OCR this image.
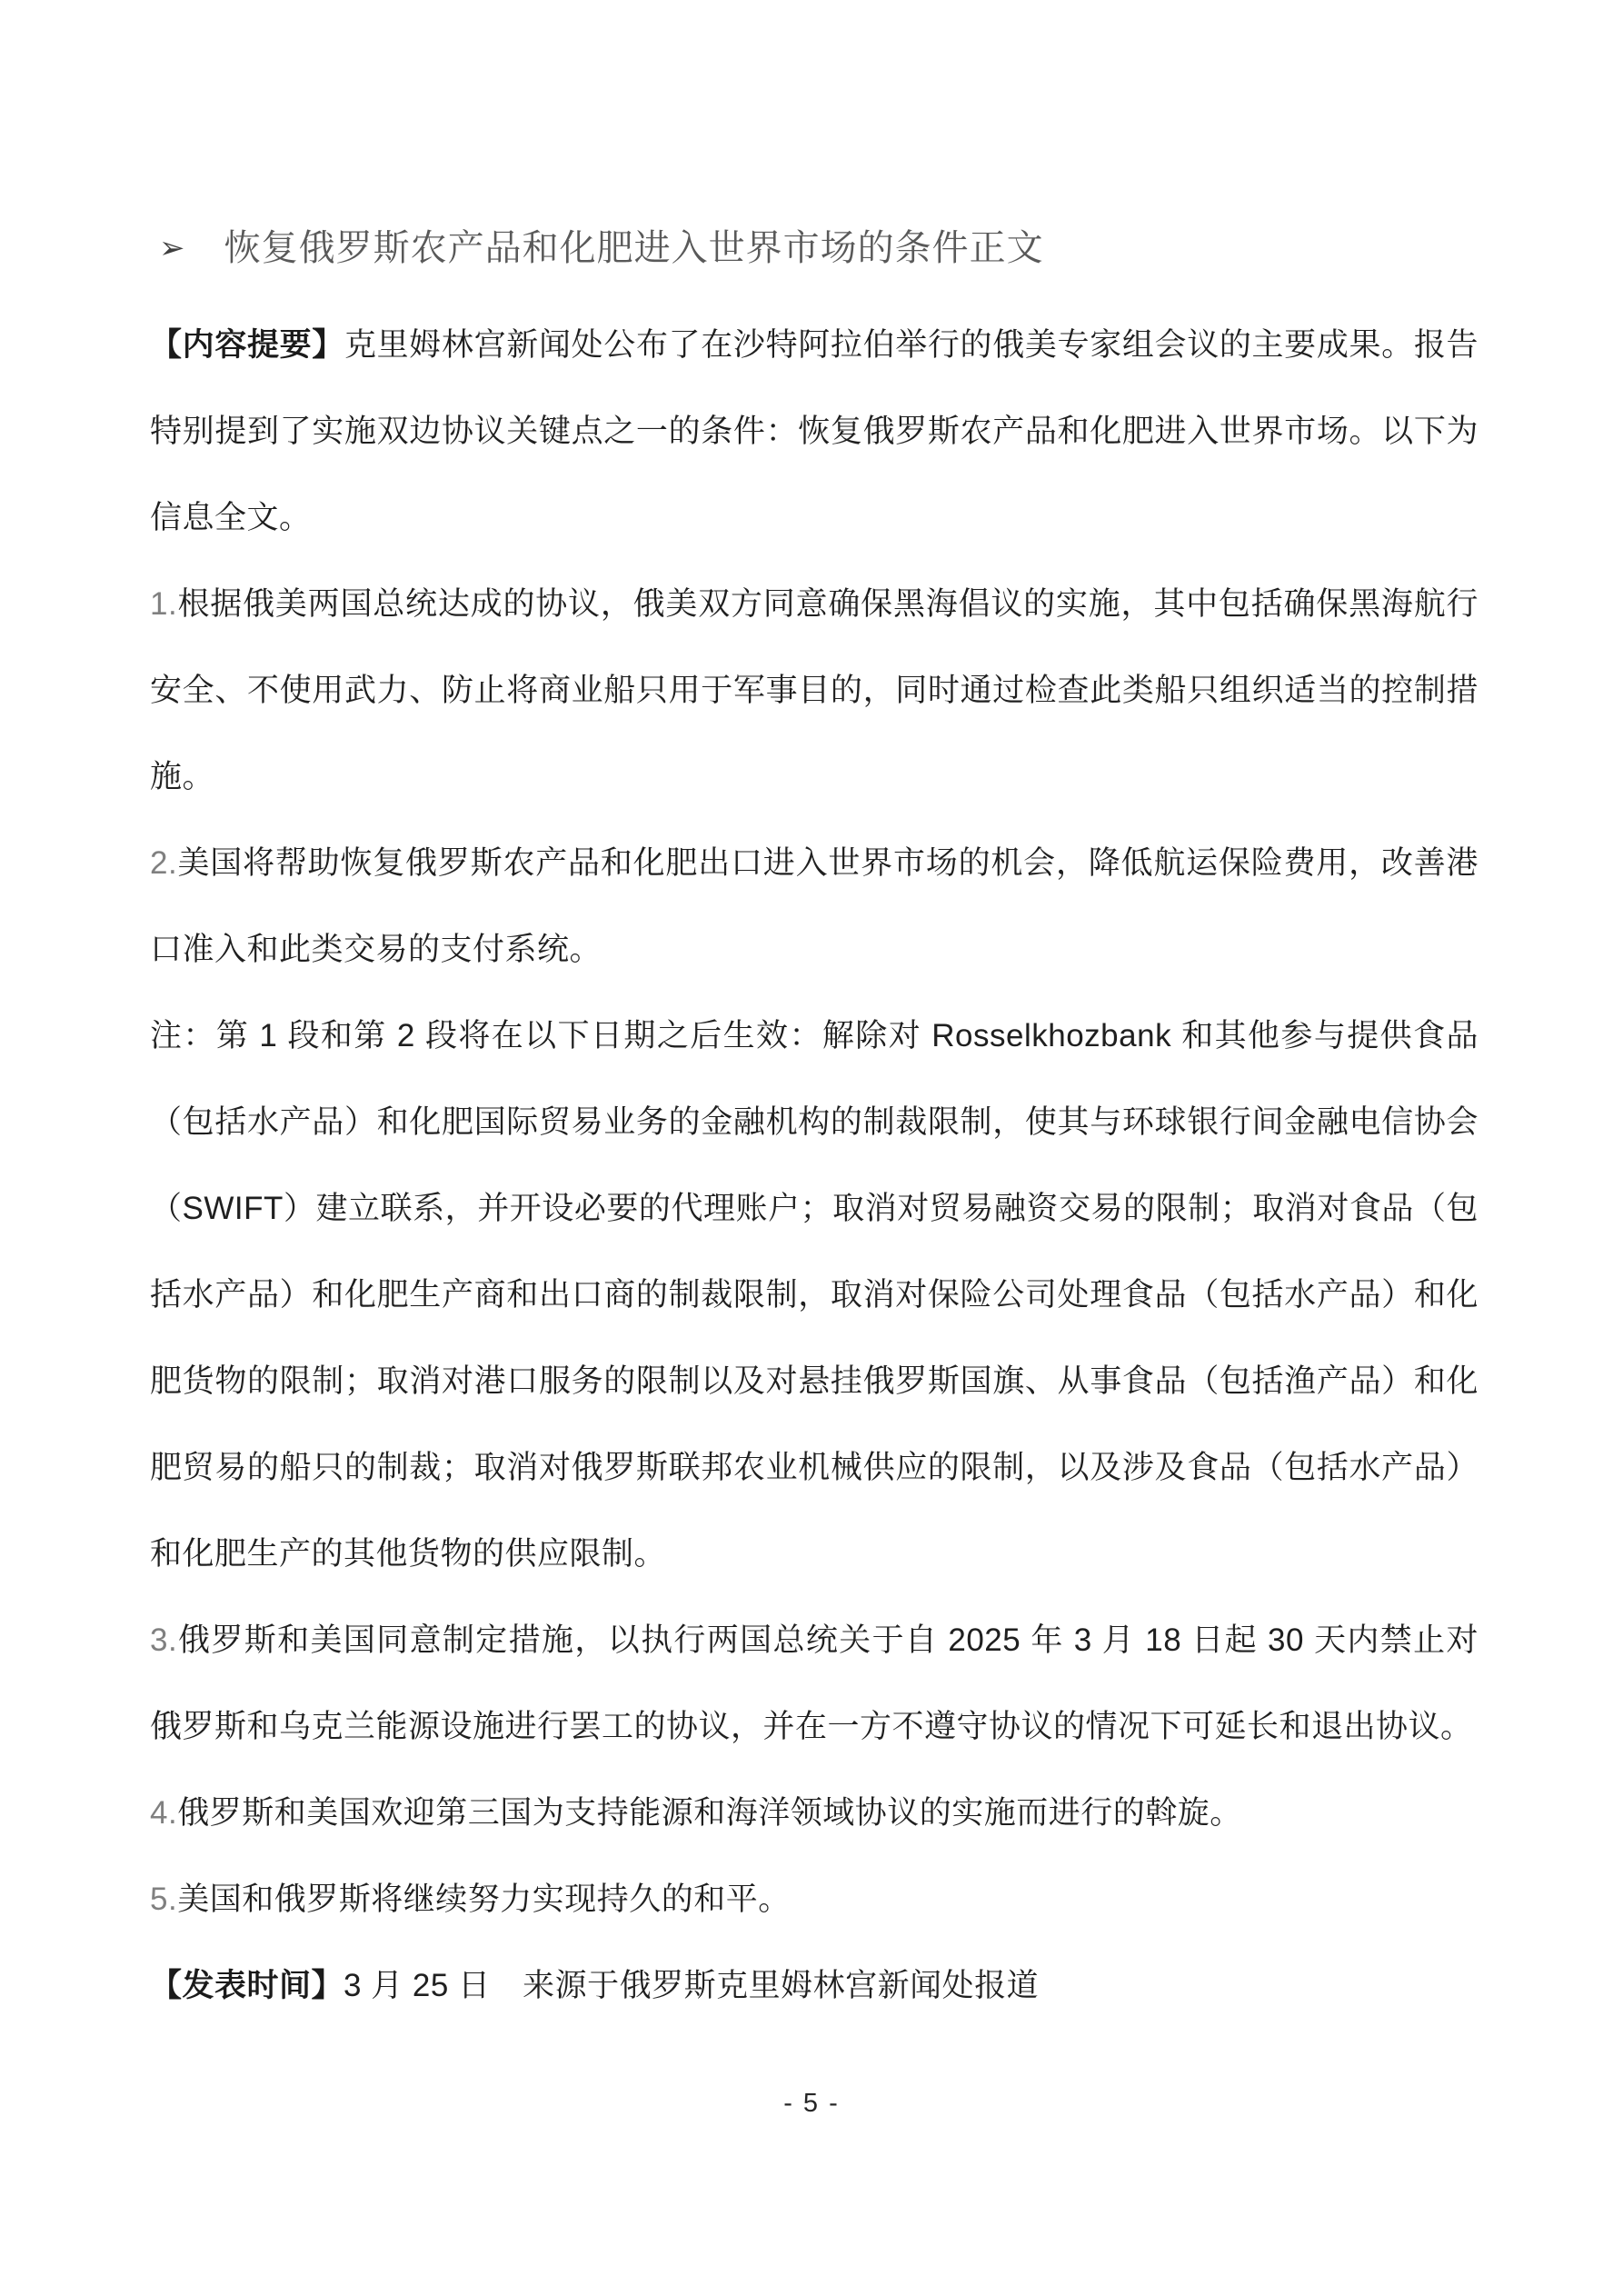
➢ 恢复俄罗斯农产品和化肥进入世界市场的条件正文

【内容提要】克里姆林宫新闻处公布了在沙特阿拉伯举行的俄美专家组会议的主要成果。报告特别提到了实施双边协议关键点之一的条件：恢复俄罗斯农产品和化肥进入世界市场。以下为信息全文。

1.根据俄美两国总统达成的协议，俄美双方同意确保黑海倡议的实施，其中包括确保黑海航行安全、不使用武力、防止将商业船只用于军事目的，同时通过检查此类船只组织适当的控制措施。

2.美国将帮助恢复俄罗斯农产品和化肥出口进入世界市场的机会，降低航运保险费用，改善港口准入和此类交易的支付系统。

注：第 1 段和第 2 段将在以下日期之后生效：解除对 Rosselkhozbank 和其他参与提供食品（包括水产品）和化肥国际贸易业务的金融机构的制裁限制，使其与环球银行间金融电信协会（SWIFT）建立联系，并开设必要的代理账户；取消对贸易融资交易的限制；取消对食品（包括水产品）和化肥生产商和出口商的制裁限制，取消对保险公司处理食品（包括水产品）和化肥货物的限制；取消对港口服务的限制以及对悬挂俄罗斯国旗、从事食品（包括渔产品）和化肥贸易的船只的制裁；取消对俄罗斯联邦农业机械供应的限制，以及涉及食品（包括水产品）和化肥生产的其他货物的供应限制。

3.俄罗斯和美国同意制定措施，以执行两国总统关于自 2025 年 3 月 18 日起 30 天内禁止对俄罗斯和乌克兰能源设施进行罢工的协议，并在一方不遵守协议的情况下可延长和退出协议。

4.俄罗斯和美国欢迎第三国为支持能源和海洋领域协议的实施而进行的斡旋。

5.美国和俄罗斯将继续努力实现持久的和平。

【发表时间】3 月 25 日　来源于俄罗斯克里姆林宫新闻处报道

- 5 -
